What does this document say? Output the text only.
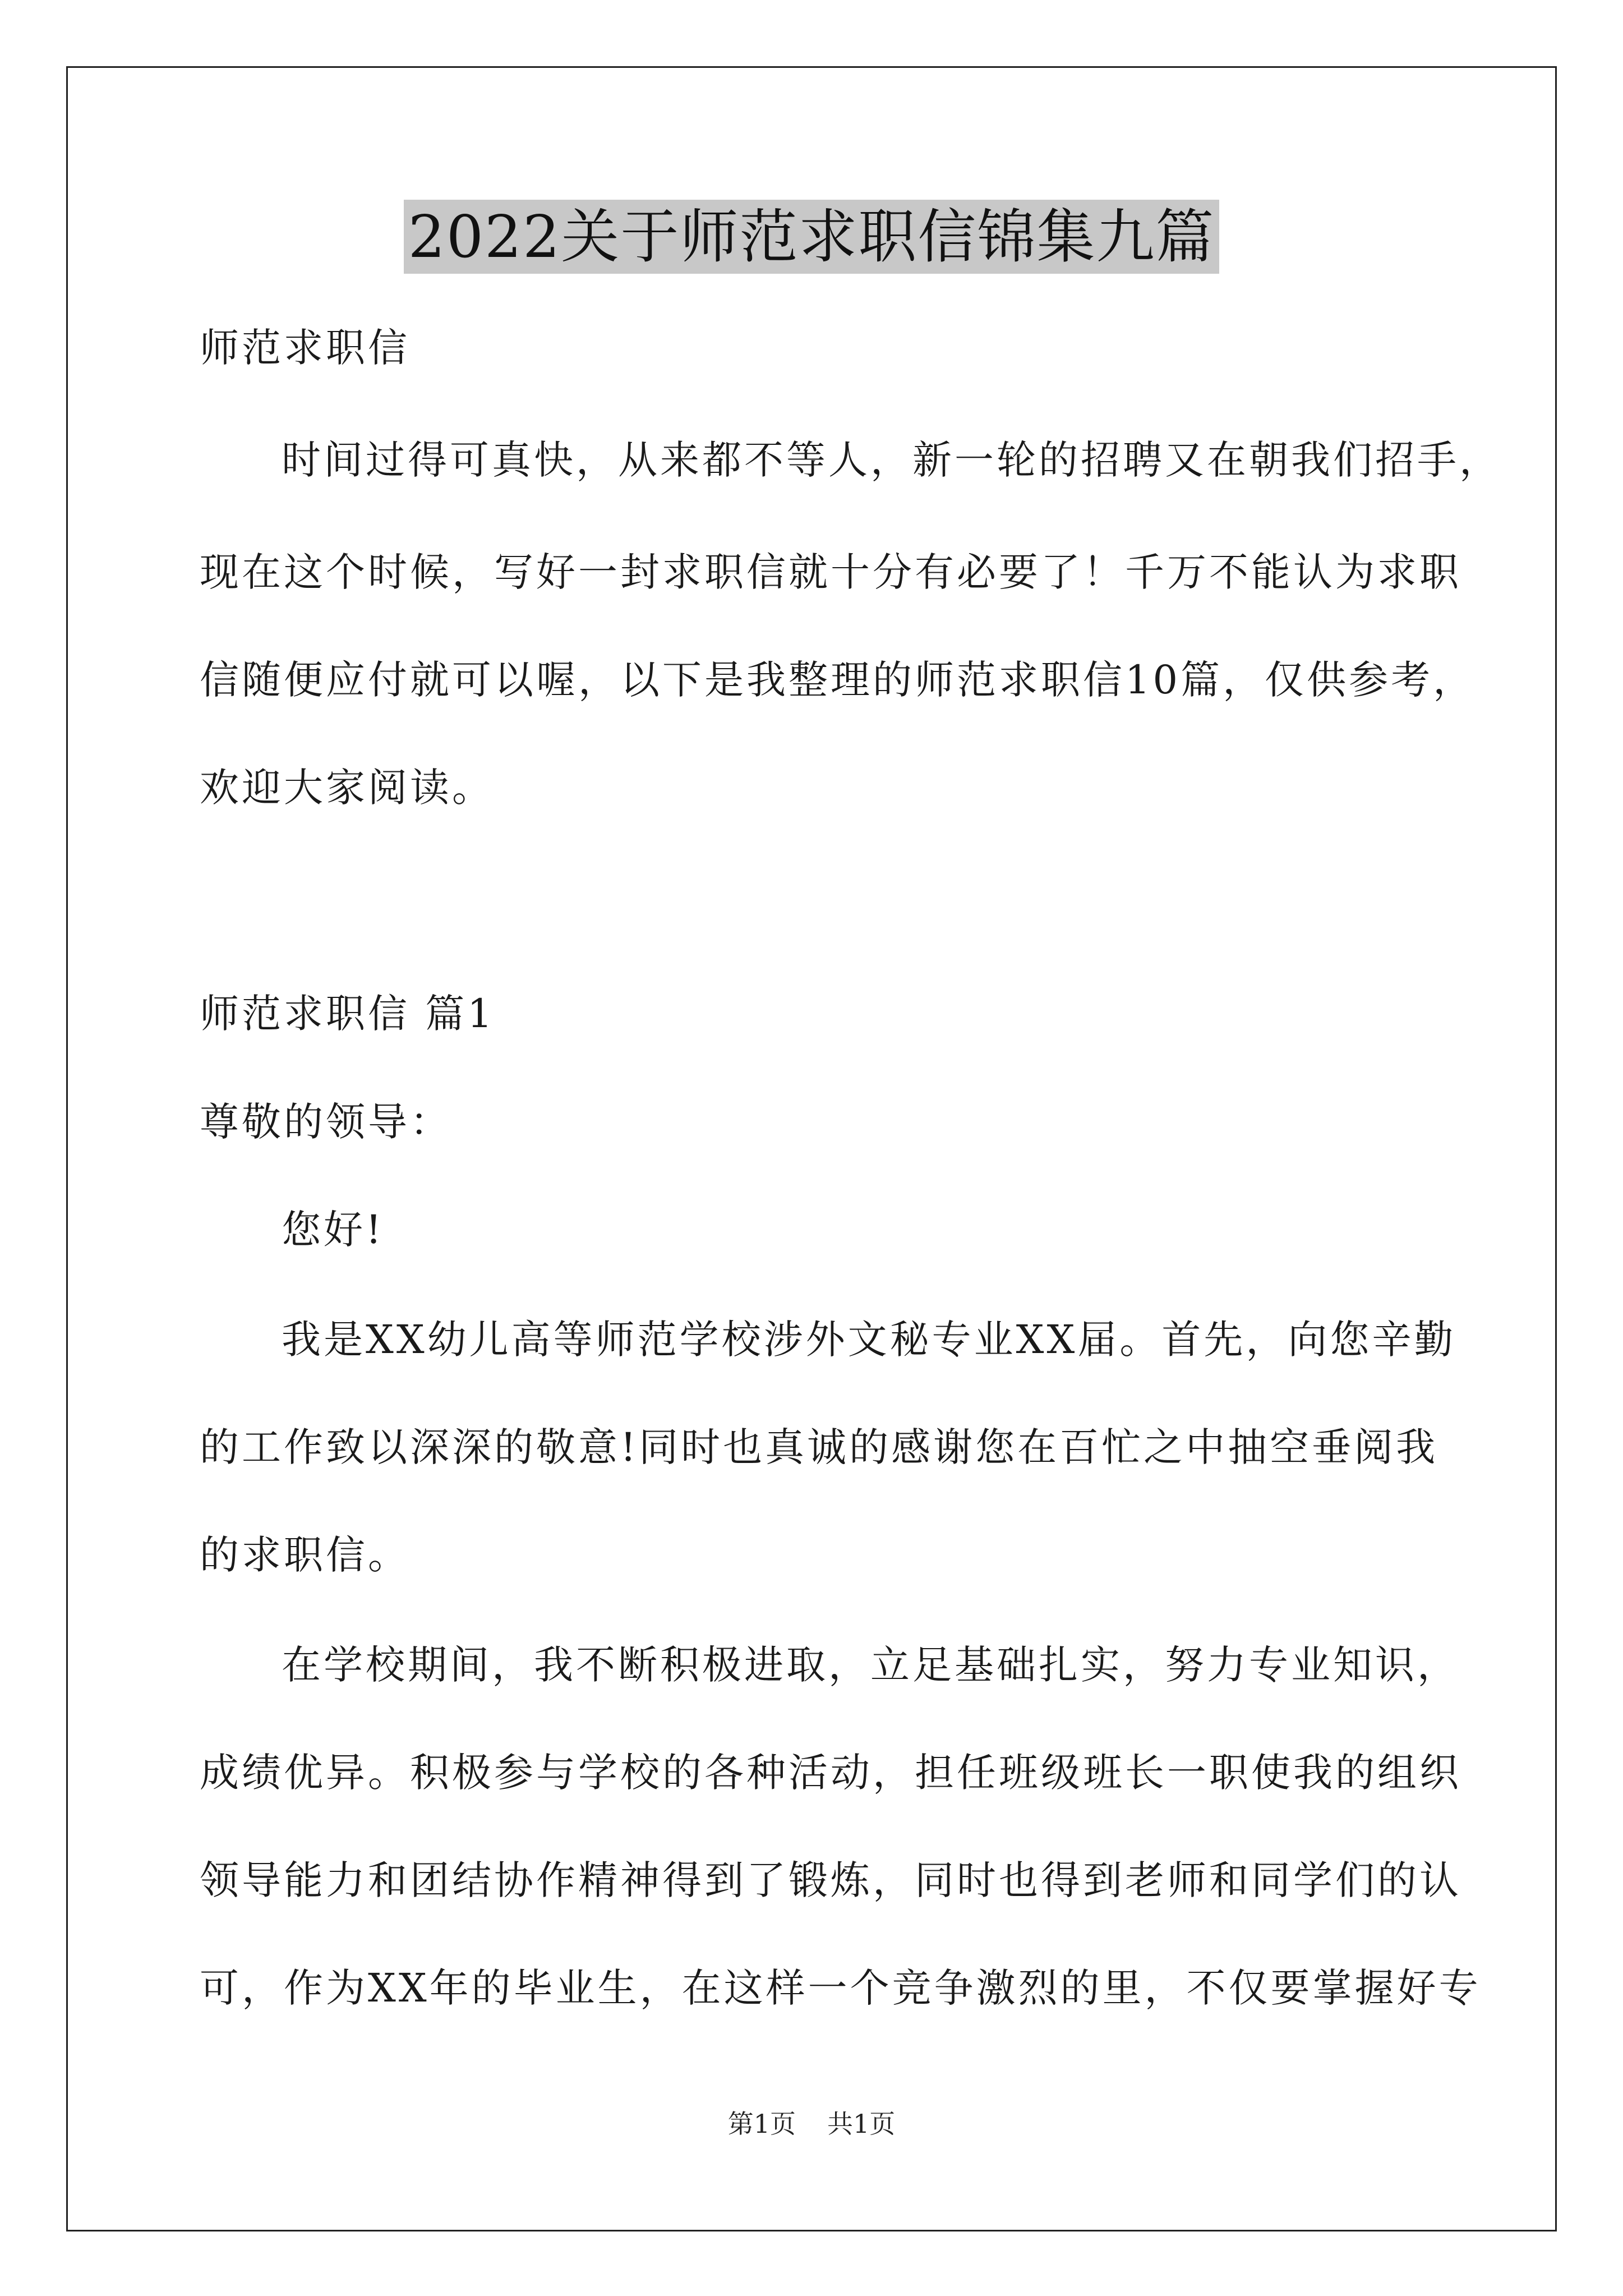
2022关于师范求职信锦集九篇
师范求职信
时间过得可真快，从来都不等人，新一轮的招聘又在朝我们招手，
现在这个时候，写好一封求职信就十分有必要了！千万不能认为求职
信随便应付就可以喔，以下是我整理的师范求职信10篇，仅供参考，
欢迎大家阅读。
师范求职信 篇1
尊敬的领导：
您好!
我是XX幼儿高等师范学校涉外文秘专业XX届。首先，向您辛勤
的工作致以深深的敬意!同时也真诚的感谢您在百忙之中抽空垂阅我
的求职信。
在学校期间，我不断积极进取，立足基础扎实，努力专业知识，
成绩优异。积极参与学校的各种活动，担任班级班长一职使我的组织
领导能力和团结协作精神得到了锻炼，同时也得到老师和同学们的认
可，作为XX年的毕业生，在这样一个竞争激烈的里，不仅要掌握好专
第1页 共1页
